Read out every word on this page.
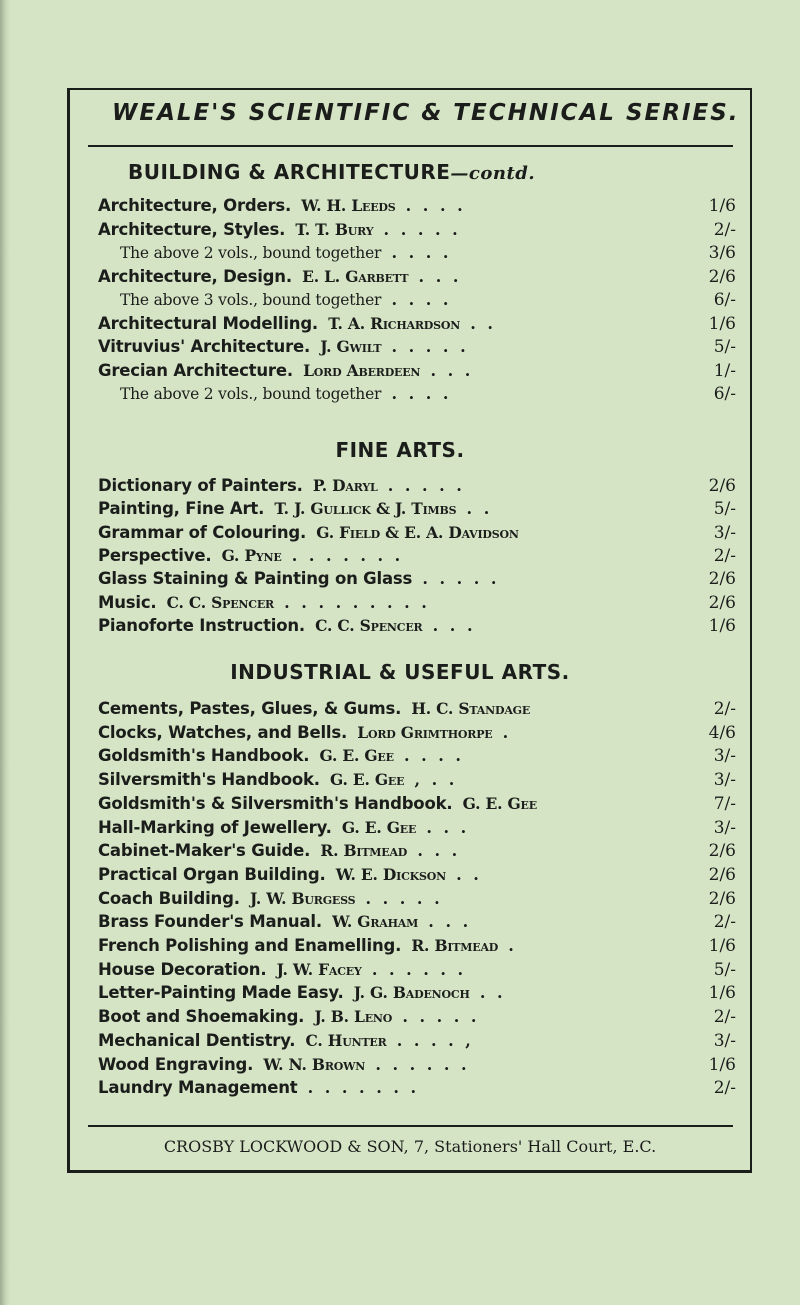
WEALE'S SCIENTIFIC & TECHNICAL SERIES.
BUILDING & ARCHITECTURE—contd.
Architecture, Orders. W. H. Leeds . . . .	1/6
Architecture, Styles. T. T. Bury . . . . .	2/-
The above 2 vols., bound together . . . .	3/6
Architecture, Design. E. L. Garbett . . .	2/6
The above 3 vols., bound together . . . .	6/-
Architectural Modelling. T. A. Richardson . .	1/6
Vitruvius' Architecture. J. Gwilt . . . . .	5/-
Grecian Architecture. Lord Aberdeen . . .	1/-
The above 2 vols., bound together . . . .	6/-
FINE ARTS.
Dictionary of Painters. P. Daryl . . . . .	2/6
Painting, Fine Art. T. J. Gullick & J. Timbs . .	5/-
Grammar of Colouring. G. Field & E. A. Davidson	3/-
Perspective. G. Pyne . . . . . . .	2/-
Glass Staining & Painting on Glass . . . . .	2/6
Music. C. C. Spencer . . . . . . . . .	2/6
Pianoforte Instruction. C. C. Spencer . . .	1/6
INDUSTRIAL & USEFUL ARTS.
Cements, Pastes, Glues, & Gums. H. C. Standage	2/-
Clocks, Watches, and Bells. Lord Grimthorpe .	4/6
Goldsmith's Handbook. G. E. Gee . . . .	3/-
Silversmith's Handbook. G. E. Gee , . .	3/-
Goldsmith's & Silversmith's Handbook. G. E. Gee	7/-
Hall-Marking of Jewellery. G. E. Gee . . .	3/-
Cabinet-Maker's Guide. R. Bitmead . . .	2/6
Practical Organ Building. W. E. Dickson . .	2/6
Coach Building. J. W. Burgess . . . . .	2/6
Brass Founder's Manual. W. Graham . . .	2/-
French Polishing and Enamelling. R. Bitmead .	1/6
House Decoration. J. W. Facey . . . . . .	5/-
Letter-Painting Made Easy. J. G. Badenoch . .	1/6
Boot and Shoemaking. J. B. Leno . . . . .	2/-
Mechanical Dentistry. C. Hunter . . . . ,	3/-
Wood Engraving. W. N. Brown . . . . . .	1/6
Laundry Management . . . . . . .	2/-
CROSBY LOCKWOOD & SON, 7, Stationers' Hall Court, E.C.
